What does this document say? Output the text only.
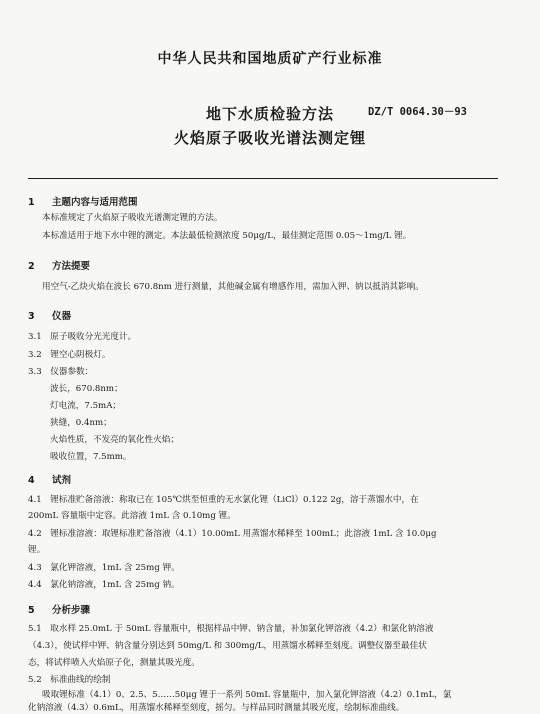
中华人民共和国地质矿产行业标准
地下水质检验方法
火焰原子吸收光谱法测定锂
DZ/T 0064.30－93
1 主题内容与适用范围
本标准规定了火焰原子吸收光谱测定锂的方法。
本标准适用于地下水中锂的测定。本法最低检测浓度 50μg/L，最佳测定范围 0.05～1mg/L 锂。
2 方法提要
用空气-乙炔火焰在波长 670.8nm 进行测量，其他碱金属有增感作用，需加入钾、钠以抵消其影响。
3 仪器
3.1　原子吸收分光光度计。
3.2　锂空心阴极灯。
3.3　仪器参数：
波长，670.8nm；
灯电流，7.5mA；
狭缝，0.4nm；
火焰性质，不发亮的氧化性火焰；
吸收位置，7.5mm。
4 试剂
4.1　锂标准贮备溶液：称取已在 105℃烘至恒重的无水氯化锂（LiCl）0.122 2g，溶于蒸馏水中，在
200mL 容量瓶中定容。此溶液 1mL 含 0.10mg 锂。
4.2　锂标准溶液：取锂标准贮备溶液（4.1）10.00mL 用蒸馏水稀释至 100mL；此溶液 1mL 含 10.0μg
锂。
4.3　氯化钾溶液，1mL 含 25mg 钾。
4.4　氯化钠溶液，1mL 含 25mg 钠。
5 分析步骤
5.1　取水样 25.0mL 于 50mL 容量瓶中，根据样品中钾、钠含量，补加氯化钾溶液（4.2）和氯化钠溶液
（4.3），使试样中钾、钠含量分别达到 50mg/L 和 300mg/L，用蒸馏水稀释至刻度。调整仪器至最佳状
态，将试样喷入火焰原子化，测量其吸光度。
5.2　标准曲线的绘制
吸取锂标准（4.1）0、2.5、5……50μg 锂于一系列 50mL 容量瓶中，加入氯化钾溶液（4.2）0.1mL，氯
化钠溶液（4.3）0.6mL，用蒸馏水稀释至刻度，摇匀。与样品同时测量其吸光度，绘制标准曲线。
